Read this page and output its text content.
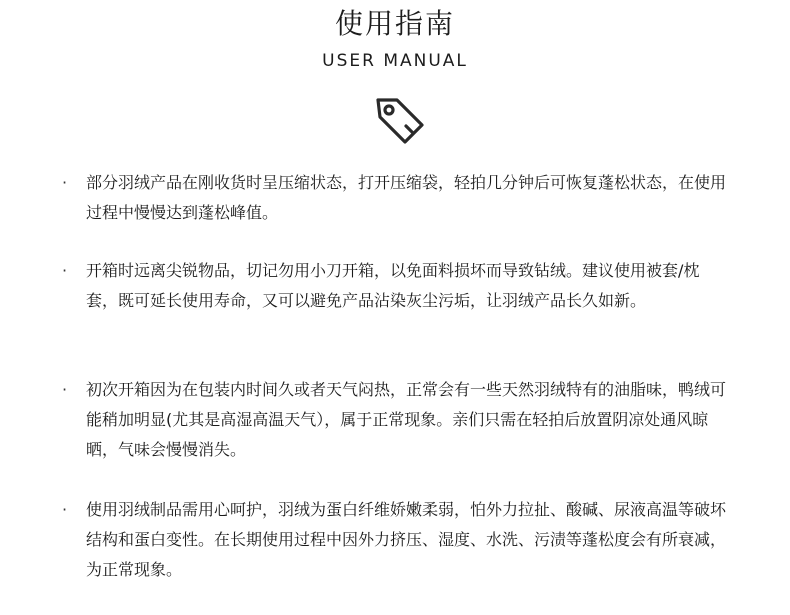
使用指南
USER MANUAL
·	部分羽绒产品在刚收货时呈压缩状态，打开压缩袋，轻拍几分钟后可恢复蓬松状态，在使用过程中慢慢达到蓬松峰值。
·	开箱时远离尖锐物品，切记勿用小刀开箱，以免面料损坏而导致钻绒。建议使用被套/枕套，既可延长使用寿命，又可以避免产品沾染灰尘污垢，让羽绒产品长久如新。
·	初次开箱因为在包装内时间久或者天气闷热，正常会有一些天然羽绒特有的油脂味，鸭绒可能稍加明显(尤其是高湿高温天气），属于正常现象。亲们只需在轻拍后放置阴凉处通风晾晒，气味会慢慢消失。
·	使用羽绒制品需用心呵护，羽绒为蛋白纤维娇嫩柔弱，怕外力拉扯、酸碱、尿液高温等破坏结构和蛋白变性。在长期使用过程中因外力挤压、湿度、水洗、污渍等蓬松度会有所衰减，为正常现象。
